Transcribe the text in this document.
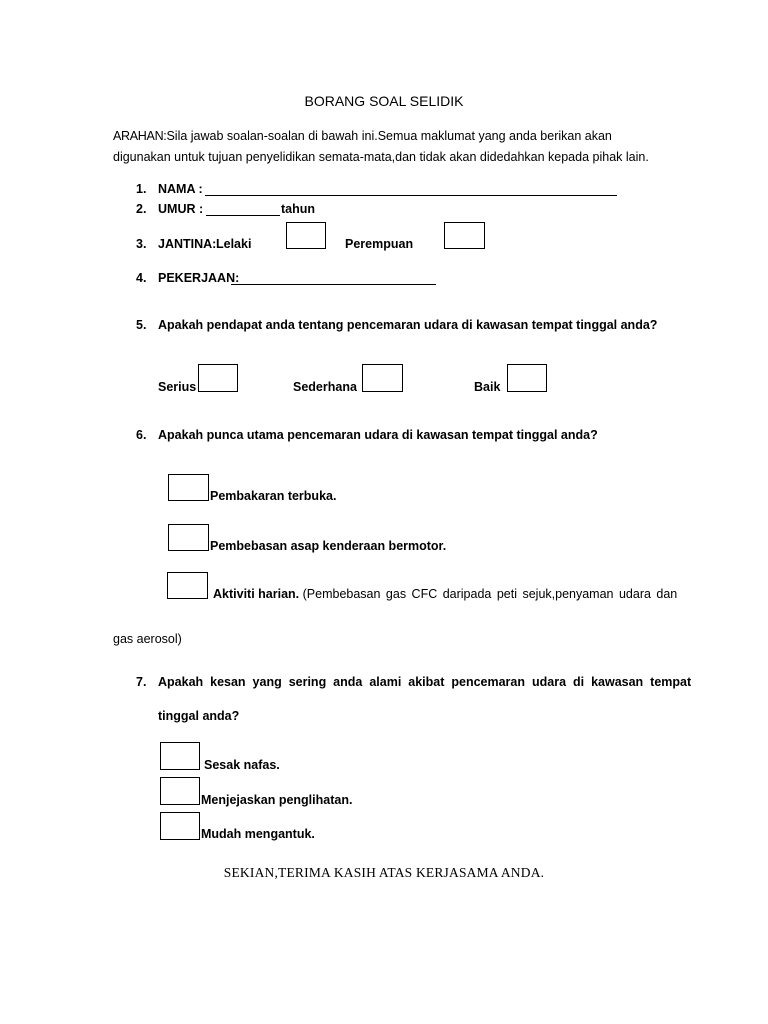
BORANG SOAL SELIDIK
ARAHAN:Sila jawab soalan-soalan di bawah ini.Semua maklumat yang anda berikan akan
digunakan untuk tujuan penyelidikan semata-mata,dan tidak akan didedahkan kepada pihak lain.
1. NAMA :
2. UMUR :	tahun
3. JANTINA: Lelaki	Perempuan
4. PEKERJAAN:
5. Apakah pendapat anda tentang pencemaran udara di kawasan tempat tinggal anda?
Serius	Sederhana	Baik
6. Apakah punca utama pencemaran udara di kawasan tempat tinggal anda?
Pembakaran terbuka.
Pembebasan asap kenderaan bermotor.
Aktiviti harian. (Pembebasan gas CFC daripada peti sejuk,penyaman udara dan
gas aerosol)
7. Apakah kesan yang sering anda alami akibat pencemaran udara di kawasan tempat
tinggal anda?
Sesak nafas.
Menjejaskan penglihatan.
Mudah mengantuk.
SEKIAN,TERIMA KASIH ATAS KERJASAMA ANDA.
